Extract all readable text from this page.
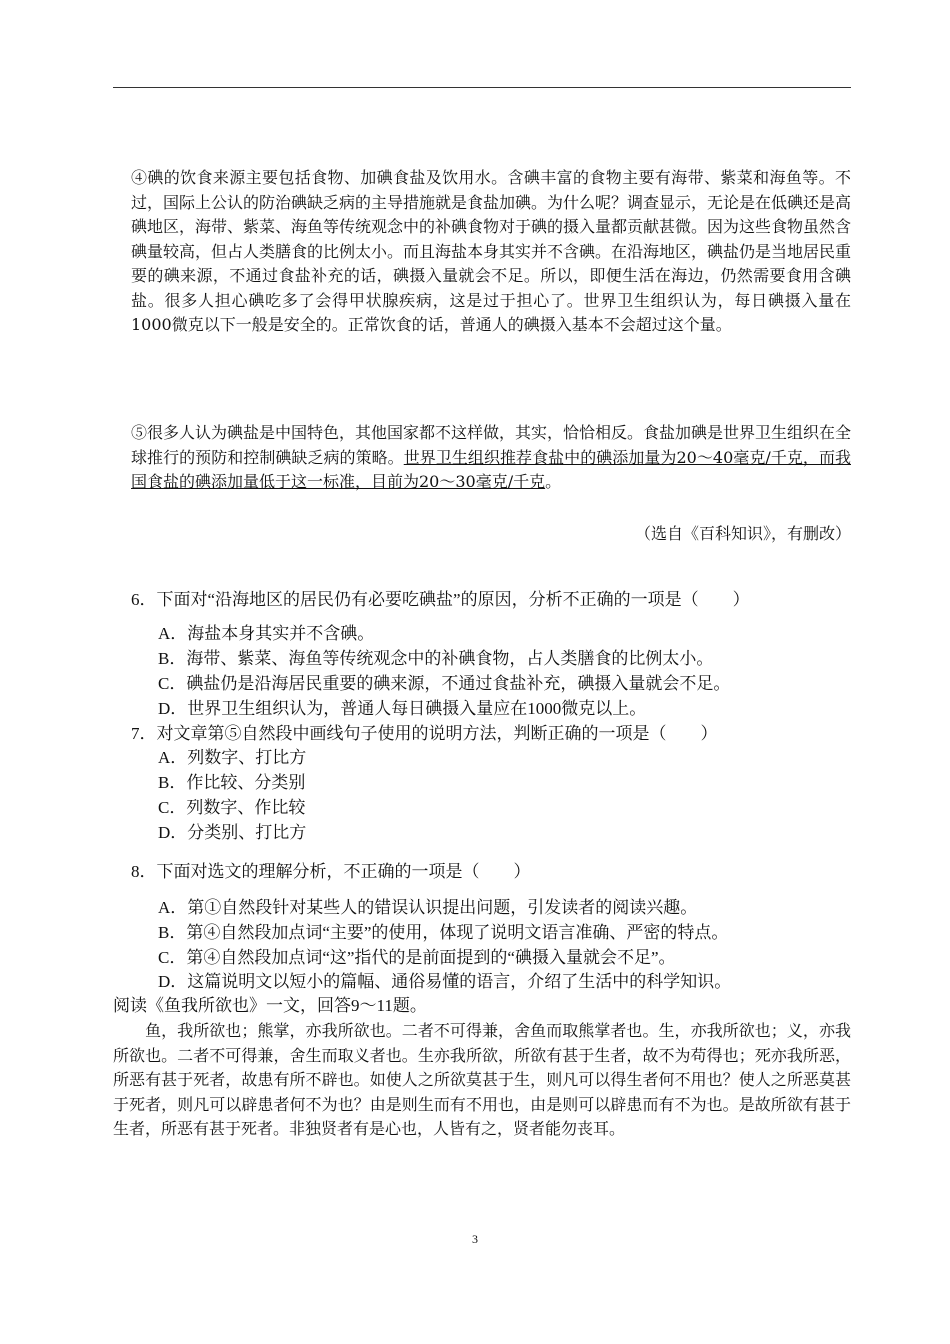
④碘的饮食来源主要包括食物、加碘食盐及饮用水。含碘丰富的食物主要有海带、紫菜和海鱼等。不过，国际上公认的防治碘缺乏病的主导措施就是食盐加碘。为什么呢？调查显示，无论是在低碘还是高碘地区，海带、紫菜、海鱼等传统观念中的补碘食物对于碘的摄入量都贡献甚微。因为这些食物虽然含碘量较高，但占人类膳食的比例太小。而且海盐本身其实并不含碘。在沿海地区，碘盐仍是当地居民重要的碘来源，不通过食盐补充的话，碘摄入量就会不足。所以，即便生活在海边，仍然需要食用含碘盐。很多人担心碘吃多了会得甲状腺疾病，这是过于担心了。世界卫生组织认为，每日碘摄入量在1000微克以下一般是安全的。正常饮食的话，普通人的碘摄入基本不会超过这个量。
⑤很多人认为碘盐是中国特色，其他国家都不这样做，其实，恰恰相反。食盐加碘是世界卫生组织在全球推行的预防和控制碘缺乏病的策略。世界卫生组织推荐食盐中的碘添加量为20～40毫克/千克，而我国食盐的碘添加量低于这一标准，目前为20～30毫克/千克。
（选自《百科知识》，有删改）
6．下面对“沿海地区的居民仍有必要吃碘盐”的原因，分析不正确的一项是（　　）
A．海盐本身其实并不含碘。
B．海带、紫菜、海鱼等传统观念中的补碘食物，占人类膳食的比例太小。
C．碘盐仍是沿海居民重要的碘来源，不通过食盐补充，碘摄入量就会不足。
D．世界卫生组织认为，普通人每日碘摄入量应在1000微克以上。
7．对文章第⑤自然段中画线句子使用的说明方法，判断正确的一项是（　　）
A．列数字、打比方
B．作比较、分类别
C．列数字、作比较
D．分类别、打比方
8．下面对选文的理解分析，不正确的一项是（　　）
A．第①自然段针对某些人的错误认识提出问题，引发读者的阅读兴趣。
B．第④自然段加点词“主要”的使用，体现了说明文语言准确、严密的特点。
C．第④自然段加点词“这”指代的是前面提到的“碘摄入量就会不足”。
D．这篇说明文以短小的篇幅、通俗易懂的语言，介绍了生活中的科学知识。
阅读《鱼我所欲也》一文，回答9～11题。
　　鱼，我所欲也；熊掌，亦我所欲也。二者不可得兼，舍鱼而取熊掌者也。生，亦我所欲也；义，亦我所欲也。二者不可得兼，舍生而取义者也。生亦我所欲，所欲有甚于生者，故不为苟得也；死亦我所恶，所恶有甚于死者，故患有所不辟也。如使人之所欲莫甚于生，则凡可以得生者何不用也？使人之所恶莫甚于死者，则凡可以辟患者何不为也？由是则生而有不用也，由是则可以辟患而有不为也。是故所欲有甚于生者，所恶有甚于死者。非独贤者有是心也，人皆有之，贤者能勿丧耳。
3
